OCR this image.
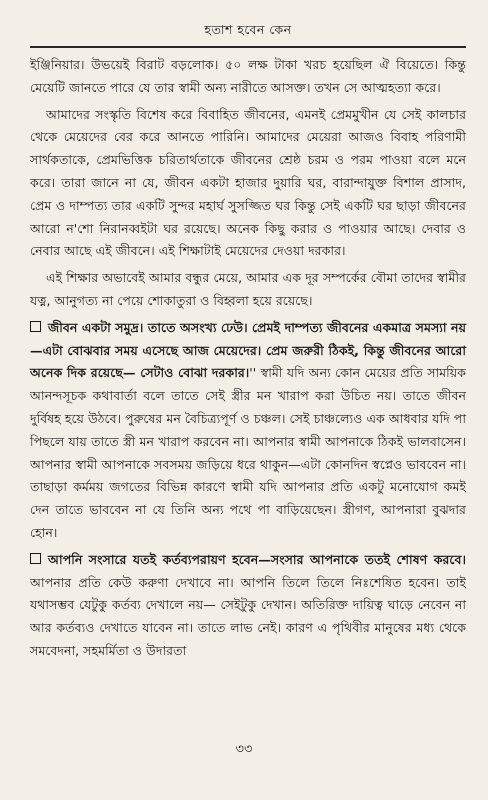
হতাশ হবেন কেন

ইঞ্জিনিয়ার। উভয়েই বিরাট বড়লোক। ৫০ লক্ষ টাকা খরচ হয়েছিল ঐ বিয়েতে। কিন্তু মেয়েটি জানতে পারে যে তার স্বামী অন্য নারীতে আসক্ত। তখন সে আত্মহত্যা করে।

আমাদের সংস্কৃতি বিশেষ করে বিবাহিত জীবনের, এমনই প্রেমমুখীন যে সেই কালচার থেকে মেয়েদের বের করে আনতে পারিনি। আমাদের মেয়েরা আজও বিবাহ পরিণামী সার্থকতাকে, প্রেমভিত্তিক চরিতার্থতাকে জীবনের শ্রেষ্ঠ চরম ও পরম পাওয়া বলে মনে করে। তারা জানে না যে, জীবন একটা হাজার দুয়ারি ঘর, বারান্দাযুক্ত বিশাল প্রাসাদ, প্রেম ও দাম্পত্য তার একটি সুন্দর মহার্ঘ সুসজ্জিত ঘর কিন্তু সেই একটি ঘর ছাড়া জীবনের আরো ন'শো নিরানব্বইটা ঘর রয়েছে। অনেক কিছু করার ও পাওয়ার আছে। দেবার ও নেবার আছে এই জীবনে। এই শিক্ষাটাই মেয়েদের দেওয়া দরকার।

এই শিক্ষার অভাবেই আমার বন্ধুর মেয়ে, আমার এক দূর সম্পর্কের বৌমা তাদের স্বামীর যত্ন, আনুগত্য না পেয়ে শোকাতুরা ও বিহ্বলা হয়ে রয়েছে।

জীবন একটা সমুদ্র। তাতে অসংখ্য ঢেউ। প্রেমই দাম্পত্য জীবনের একমাত্র সমস্যা নয়—এটা বোঝবার সময় এসেছে আজ মেয়েদের। প্রেম জরুরী ঠিকই, কিন্তু জীবনের আরো অনেক দিক রয়েছে— সেটাও বোঝা দরকার।'' স্বামী যদি অন্য কোন মেয়ের প্রতি সাময়িক আনন্দসূচক কথাবার্তা বলে তাতে সেই স্ত্রীর মন খারাপ করা উচিত নয়। তাতে জীবন দুর্বিষহ হয়ে উঠবে। পুরুষের মন বৈচিত্র্যপূর্ণ ও চঞ্চল। সেই চাঞ্চল্যেও এক আধবার যদি পা পিছলে যায় তাতে স্ত্রী মন খারাপ করবেন না। আপনার স্বামী আপনাকে ঠিকই ভালবাসেন। আপনার স্বামী আপনাকে সবসময় জড়িয়ে ধরে থাকুন—এটা কোনদিন স্বপ্নেও ভাববেন না। তাছাড়া কর্মময় জগতের বিভিন্ন কারণে স্বামী যদি আপনার প্রতি একটু মনোযোগ কমই দেন তাতে ভাববেন না যে তিনি অন্য পথে পা বাড়িয়েছেন। স্ত্রীগণ, আপনারা বুঝদার হোন।

আপনি সংসারে যতই কর্তব্যপরায়ণ হবেন—সংসার আপনাকে ততই শোষণ করবে। আপনার প্রতি কেউ করুণা দেখাবে না। আপনি তিলে তিলে নিঃশেষিত হবেন। তাই যথাসম্ভব যেটুকু কর্তব্য দেখালে নয়— সেইটুকু দেখান। অতিরিক্ত দায়িত্ব ঘাড়ে নেবেন না আর কর্তব্যও দেখাতে যাবেন না। তাতে লাভ নেই। কারণ এ পৃথিবীর মানুষের মধ্য থেকে সমবেদনা, সহমর্মিতা ও উদারতা

৩৩
